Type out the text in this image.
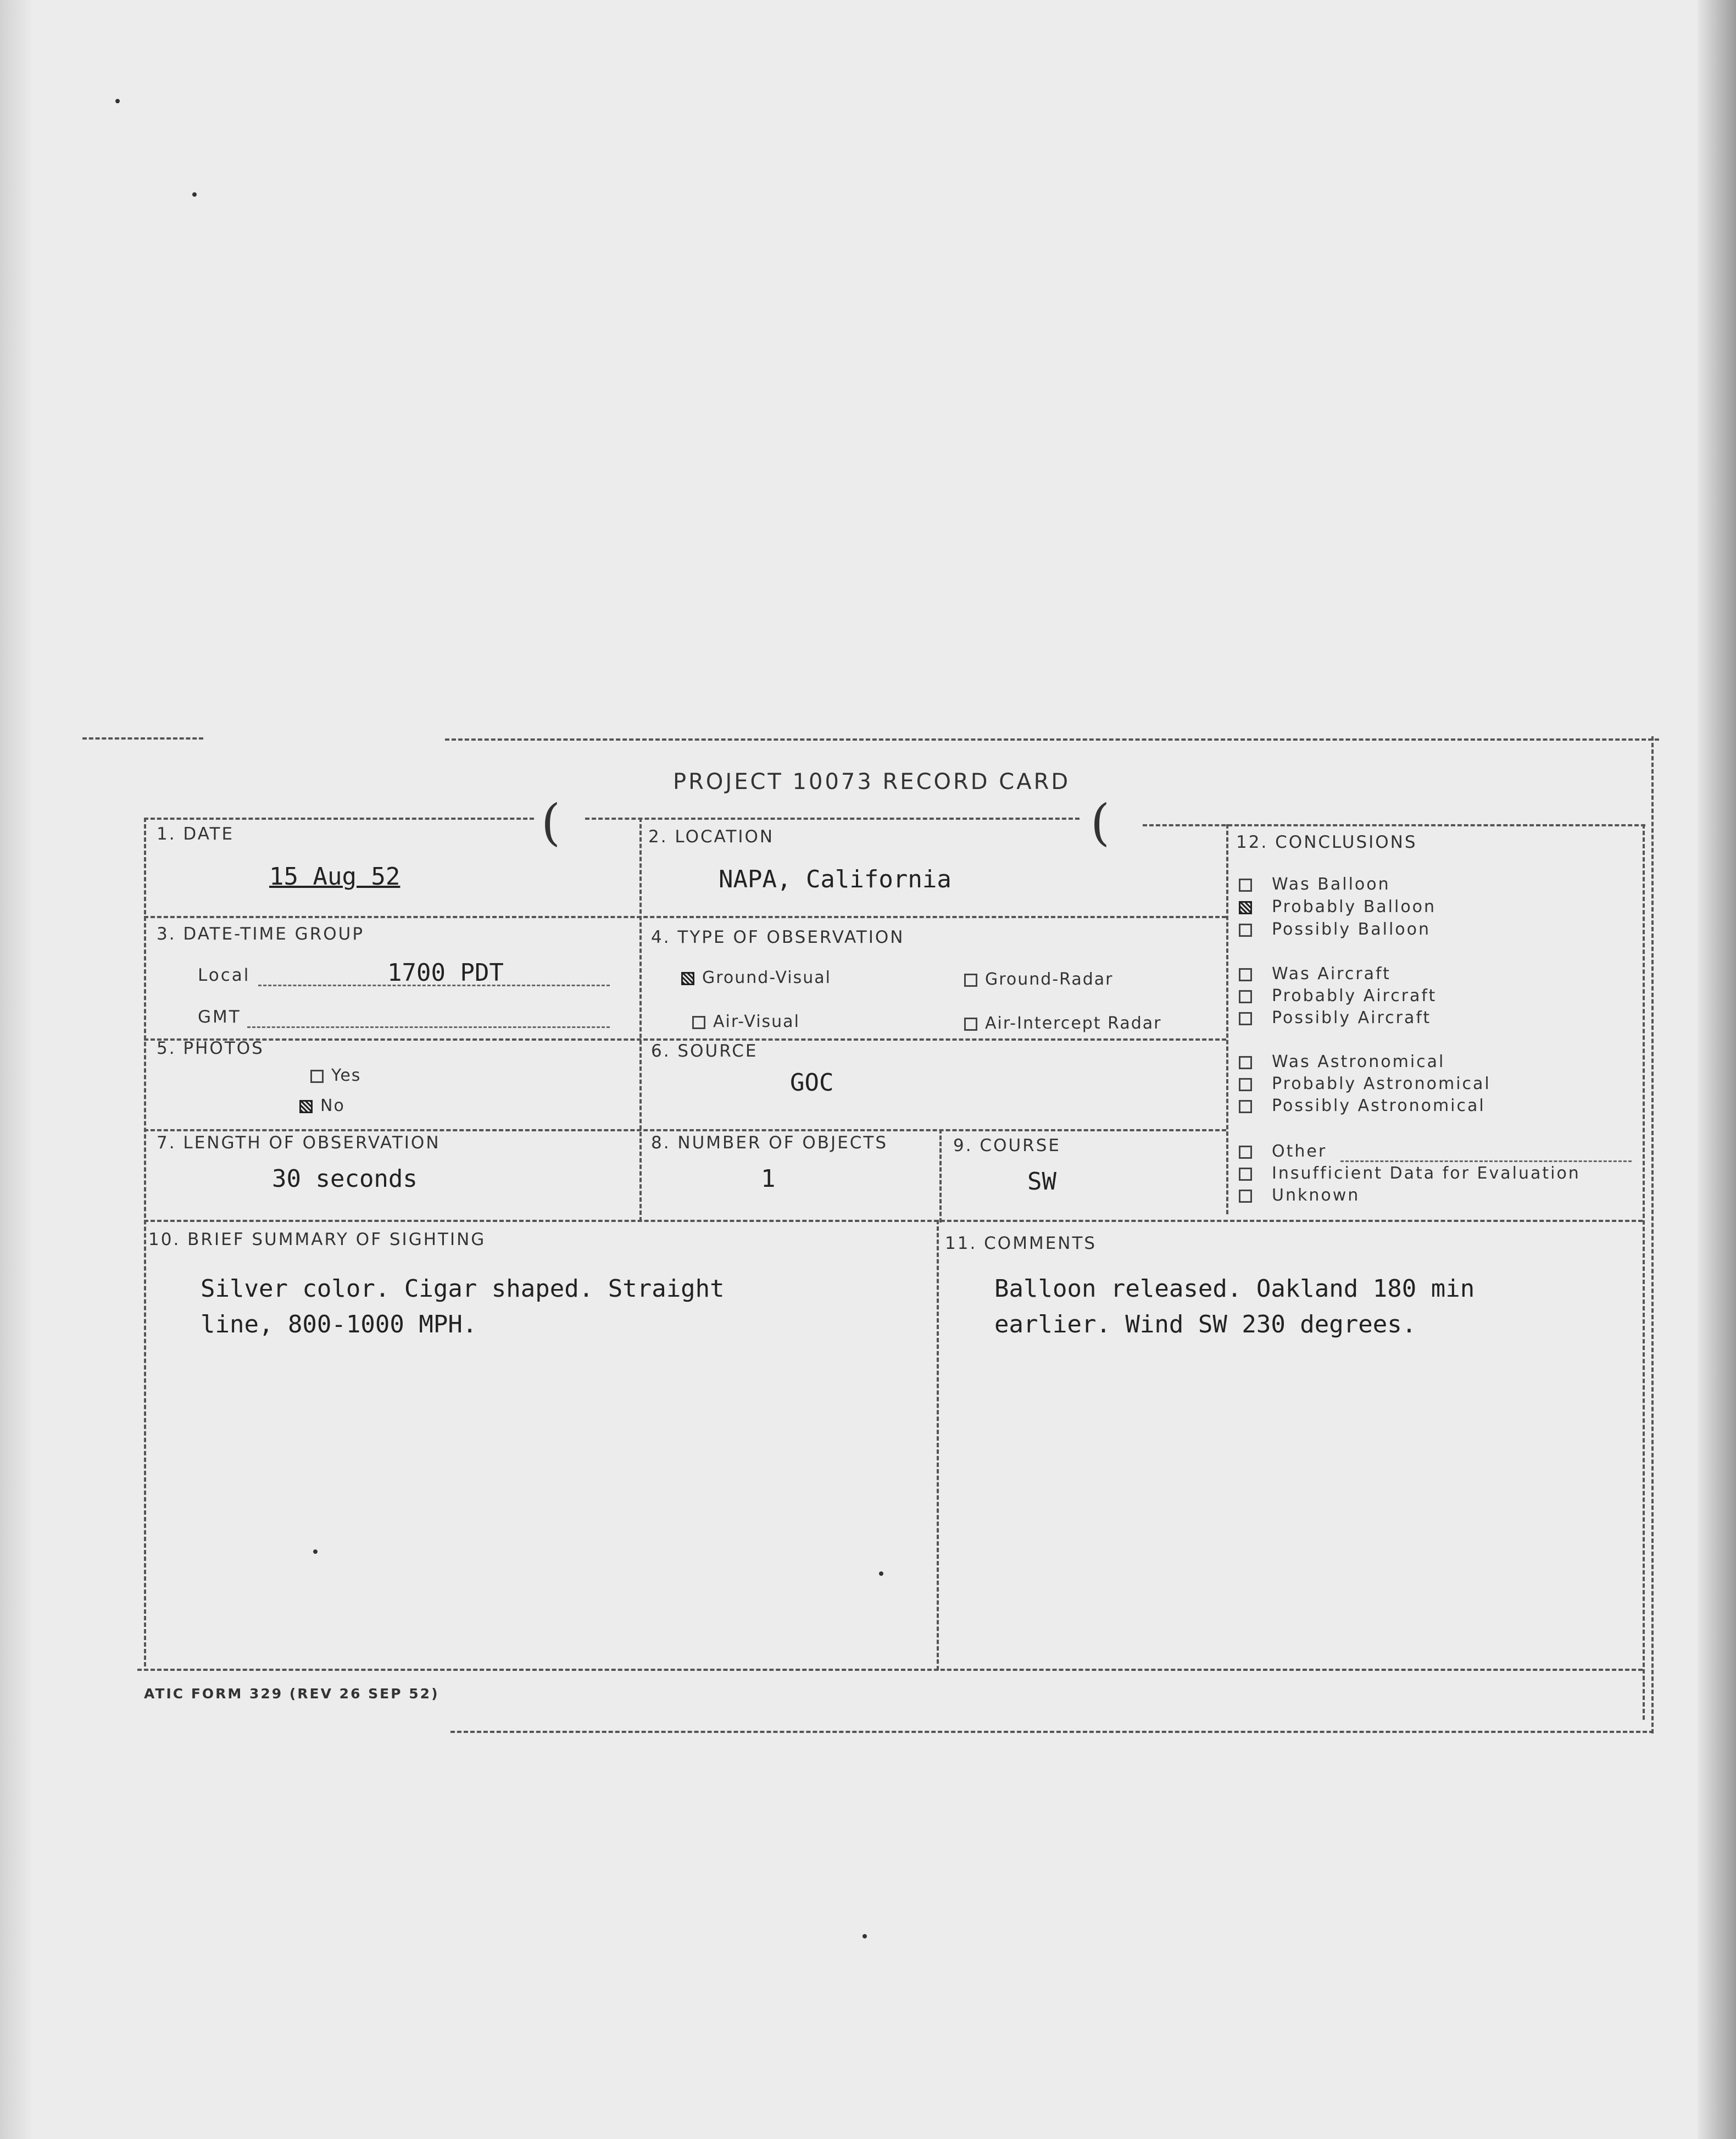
PROJECT 10073 RECORD CARD
(	(
1. DATE
15 Aug 52
2. LOCATION
NAPA, California
3. DATE-TIME GROUP
Local	1700 PDT
GMT
4. TYPE OF OBSERVATION
Ground-Visual	Ground-Radar
Air-Visual	Air-Intercept Radar
5. PHOTOS
Yes
No
6. SOURCE
GOC
7. LENGTH OF OBSERVATION
30 seconds
8. NUMBER OF OBJECTS
1
9. COURSE
SW
10. BRIEF SUMMARY OF SIGHTING
Silver color. Cigar shaped. Straight
line, 800-1000 MPH.
11. COMMENTS
Balloon released. Oakland 180 min
earlier. Wind SW 230 degrees.
12. CONCLUSIONS
Was Balloon
Probably Balloon
Possibly Balloon
Was Aircraft
Probably Aircraft
Possibly Aircraft
Was Astronomical
Probably Astronomical
Possibly Astronomical
Other
Insufficient Data for Evaluation
Unknown
ATIC FORM 329 (REV 26 SEP 52)
